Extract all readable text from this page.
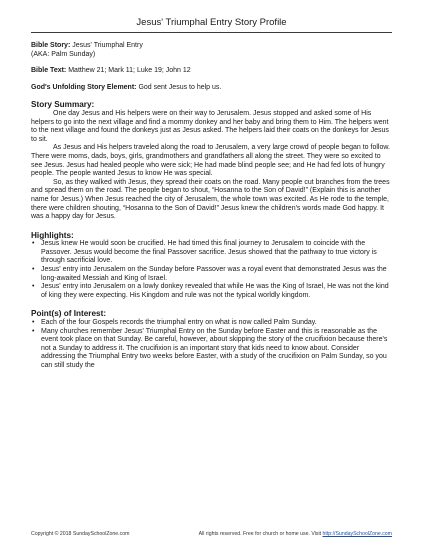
Jesus' Triumphal Entry Story Profile

Bible Story: Jesus' Triumphal Entry

(AKA: Palm Sunday)

Bible Text: Matthew 21; Mark 11; Luke 19; John 12

God's Unfolding Story Element: God sent Jesus to help us.

Story Summary:

One day Jesus and His helpers were on their way to Jerusalem. Jesus stopped and asked some of His helpers to go into the next village and find a mommy donkey and her baby and bring them to Him. The helpers went to the next village and found the donkeys just as Jesus asked. The helpers laid their coats on the donkeys for Jesus to sit.

As Jesus and His helpers traveled along the road to Jerusalem, a very large crowd of people began to follow. There were moms, dads, boys, girls, grandmothers and grandfathers all along the street. They were so excited to see Jesus. Jesus had healed people who were sick; He had made blind people see; and He had fed lots of hungry people. The people wanted Jesus to know He was special.

So, as they walked with Jesus, they spread their coats on the road. Many people cut branches from the trees and spread them on the road. The people began to shout, “Hosanna to the Son of David!” (Explain this is another name for Jesus.) When Jesus reached the city of Jerusalem, the whole town was excited. As He rode to the temple, there were children shouting, “Hosanna to the Son of David!” Jesus knew the children's words made God happy. It was a happy day for Jesus.

Highlights:

• Jesus knew He would soon be crucified. He had timed this final journey to Jerusalem to coincide with the Passover. Jesus would become the final Passover sacrifice. Jesus showed that the pathway to true victory is through sacrificial love.
• Jesus' entry into Jerusalem on the Sunday before Passover was a royal event that demonstrated Jesus was the long-awaited Messiah and King of Israel.
• Jesus' entry into Jerusalem on a lowly donkey revealed that while He was the King of Israel, He was not the kind of king they were expecting. His Kingdom and rule was not the typical worldly kingdom.

Point(s) of Interest:

• Each of the four Gospels records the triumphal entry on what is now called Palm Sunday.
• Many churches remember Jesus' Triumphal Entry on the Sunday before Easter and this is reasonable as the event took place on that Sunday. Be careful, however, about skipping the story of the crucifixion because there's not a Sunday to address it. The crucifixion is an important story that kids need to know about. Consider addressing the Triumphal Entry two weeks before Easter, with a study of the crucifixion on Palm Sunday, so you can still study the
Copyright © 2018 SundaySchoolZone.com	All rights reserved. Free for church or home use. Visit http://SundaySchoolZone.com
